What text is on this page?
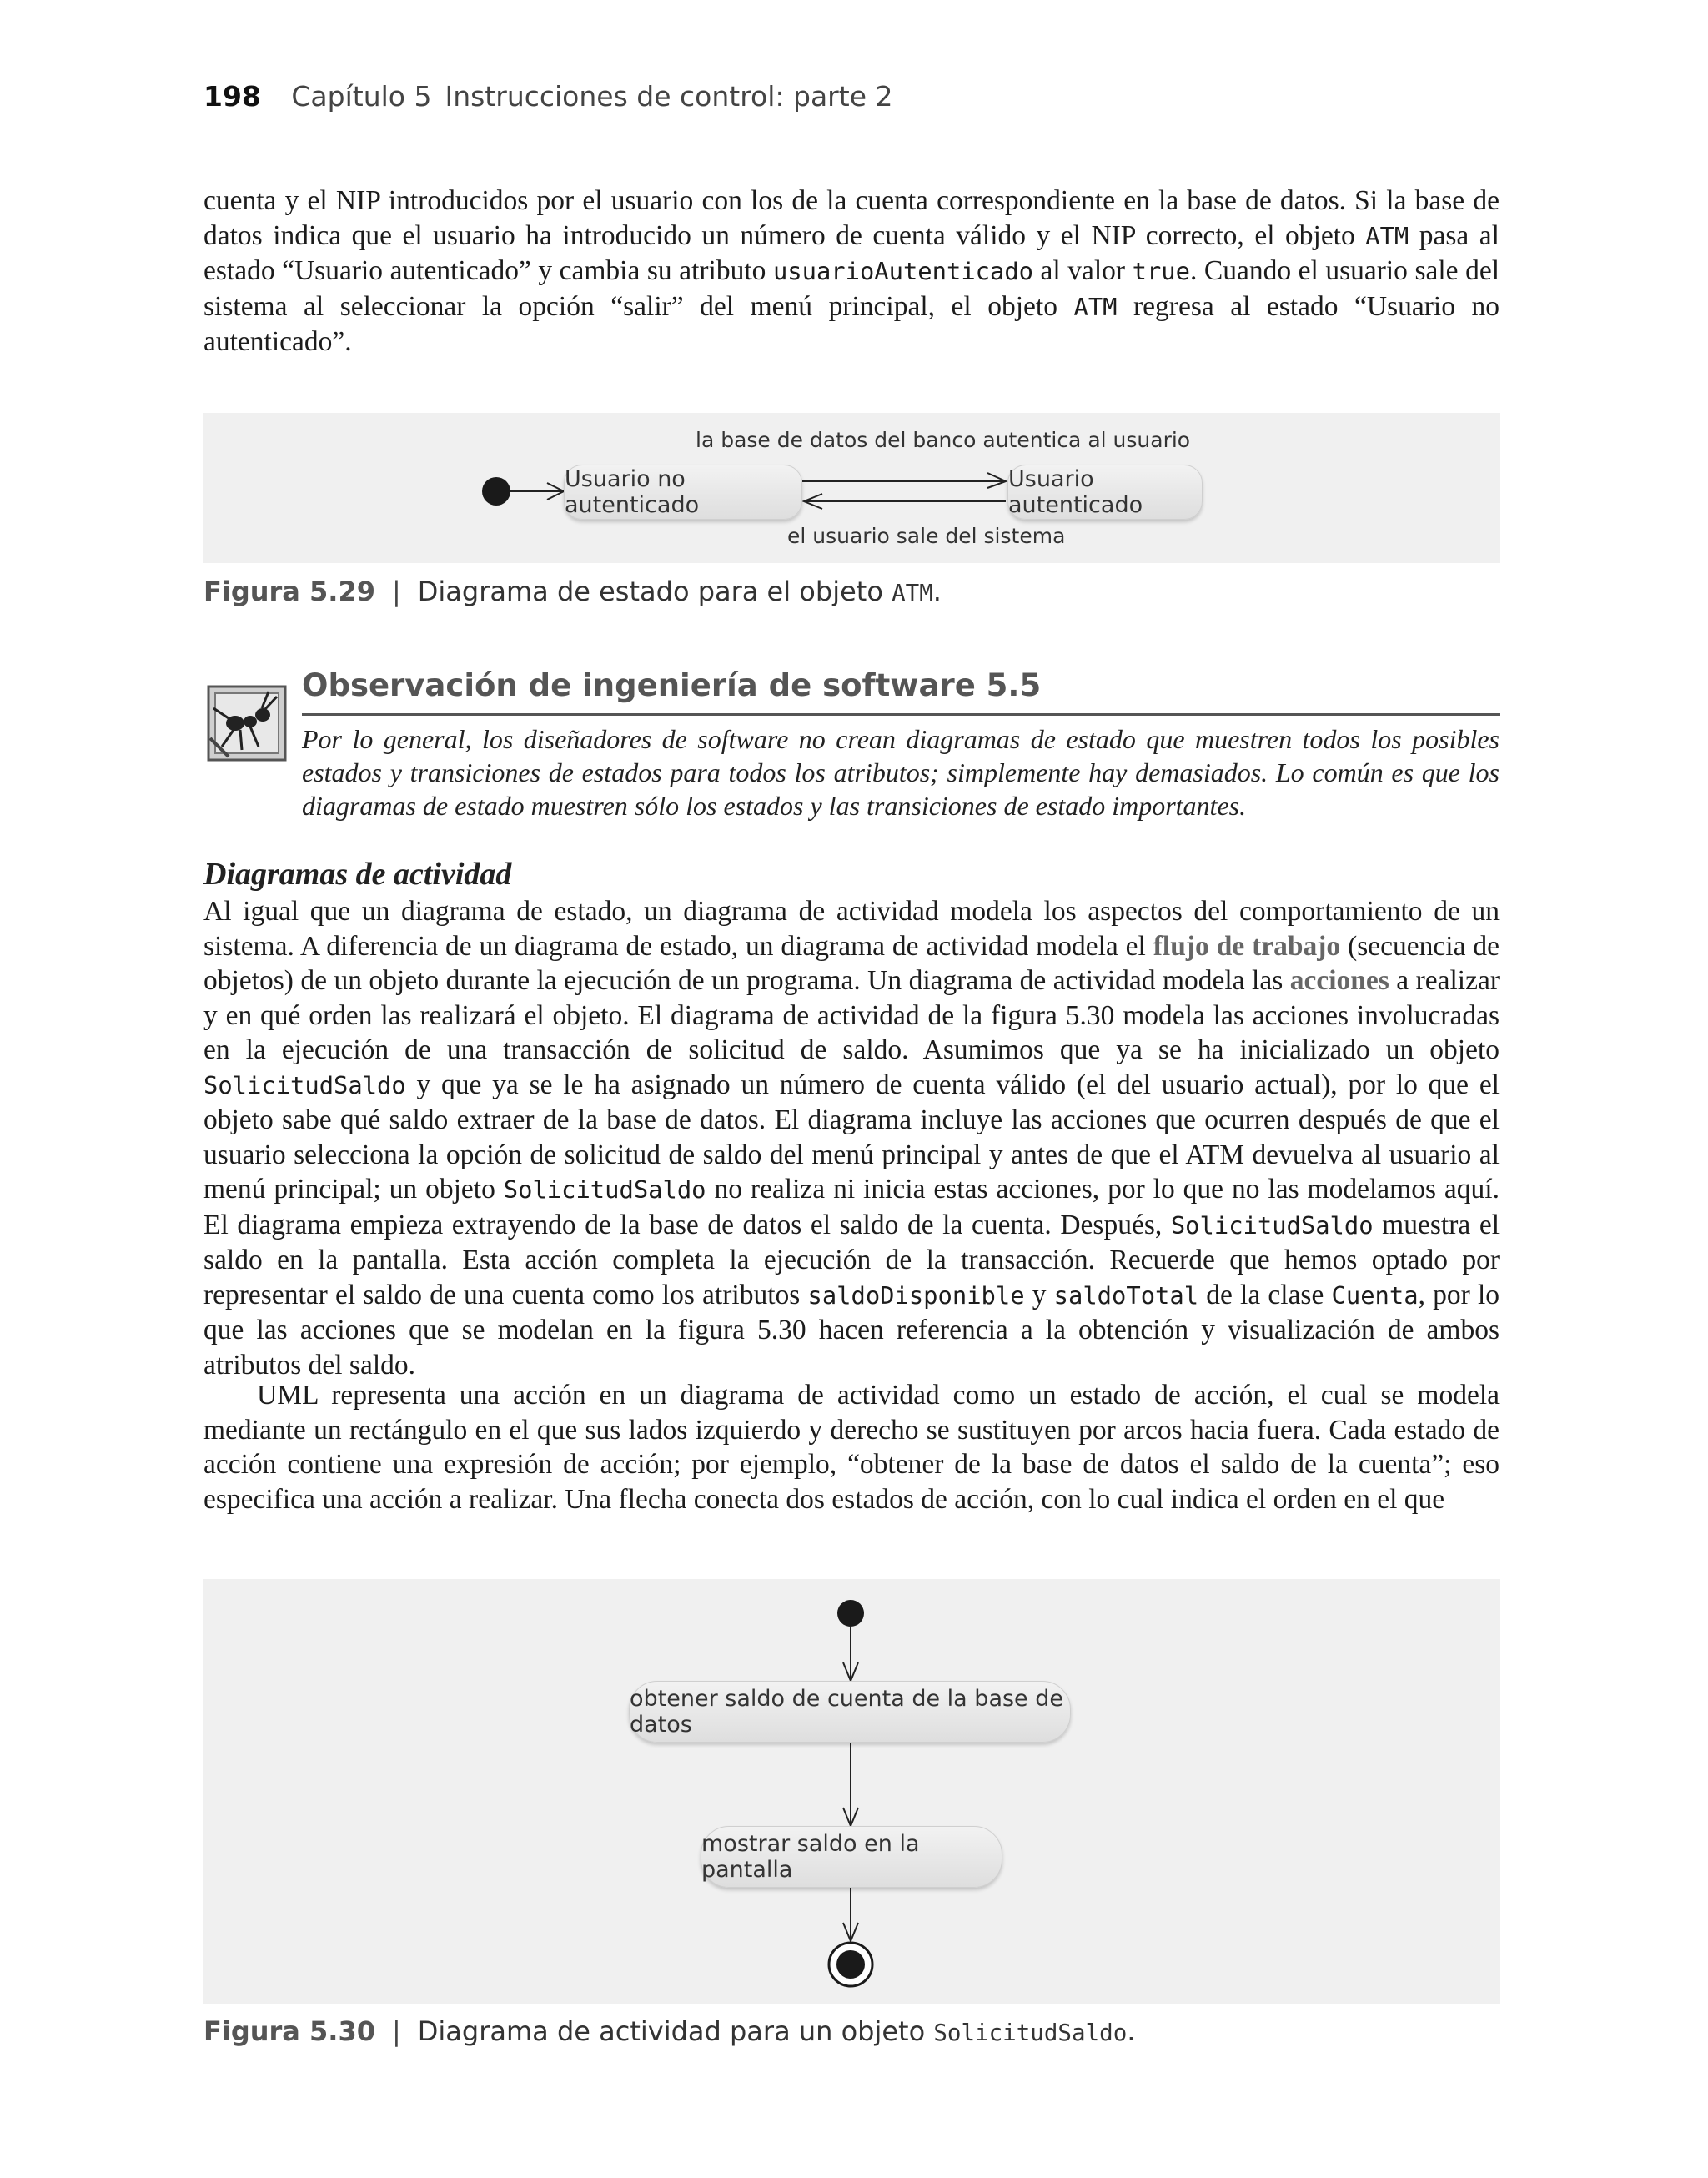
198 Capítulo 5 Instrucciones de control: parte 2

cuenta y el NIP introducidos por el usuario con los de la cuenta correspondiente en la base de datos. Si la base de datos indica que el usuario ha introducido un número de cuenta válido y el NIP correcto, el objeto ATM pasa al estado “Usuario autenticado” y cambia su atributo usuarioAutenticado al valor true. Cuando el usuario sale del sistema al seleccionar la opción “salir” del menú principal, el objeto ATM regresa al estado “Usuario no autenticado”.

la base de datos del banco autentica al usuario
Usuario no autenticado
Usuario autenticado
el usuario sale del sistema
Figura 5.29 | Diagrama de estado para el objeto ATM.
Observación de ingeniería de software 5.5

Por lo general, los diseñadores de software no crean diagramas de estado que muestren todos los posibles estados y transiciones de estados para todos los atributos; simplemente hay demasiados. Lo común es que los diagramas de estado muestren sólo los estados y las transiciones de estado importantes.

Diagramas de actividad

Al igual que un diagrama de estado, un diagrama de actividad modela los aspectos del comportamiento de un sistema. A diferencia de un diagrama de estado, un diagrama de actividad modela el flujo de trabajo (secuencia de objetos) de un objeto durante la ejecución de un programa. Un diagrama de actividad modela las acciones a realizar y en qué orden las realizará el objeto. El diagrama de actividad de la figura 5.30 modela las acciones involucradas en la ejecución de una transacción de solicitud de saldo. Asumimos que ya se ha inicializado un objeto SolicitudSaldo y que ya se le ha asignado un número de cuenta válido (el del usuario actual), por lo que el objeto sabe qué saldo extraer de la base de datos. El diagrama incluye las acciones que ocurren después de que el usuario selecciona la opción de solicitud de saldo del menú principal y antes de que el ATM devuelva al usuario al menú principal; un objeto SolicitudSaldo no realiza ni inicia estas acciones, por lo que no las modelamos aquí. El diagrama empieza extrayendo de la base de datos el saldo de la cuenta. Después, SolicitudSaldo muestra el saldo en la pantalla. Esta acción completa la ejecución de la transacción. Recuerde que hemos optado por representar el saldo de una cuenta como los atributos saldoDisponible y saldoTotal de la clase Cuenta, por lo que las acciones que se modelan en la figura 5.30 hacen referencia a la obtención y visualización de ambos atributos del saldo.

UML representa una acción en un diagrama de actividad como un estado de acción, el cual se modela mediante un rectángulo en el que sus lados izquierdo y derecho se sustituyen por arcos hacia fuera. Cada estado de acción contiene una expresión de acción; por ejemplo, “obtener de la base de datos el saldo de la cuenta”; eso especifica una acción a realizar. Una flecha conecta dos estados de acción, con lo cual indica el orden en el que

obtener saldo de cuenta de la base de datos
mostrar saldo en la pantalla
Figura 5.30 | Diagrama de actividad para un objeto SolicitudSaldo.
